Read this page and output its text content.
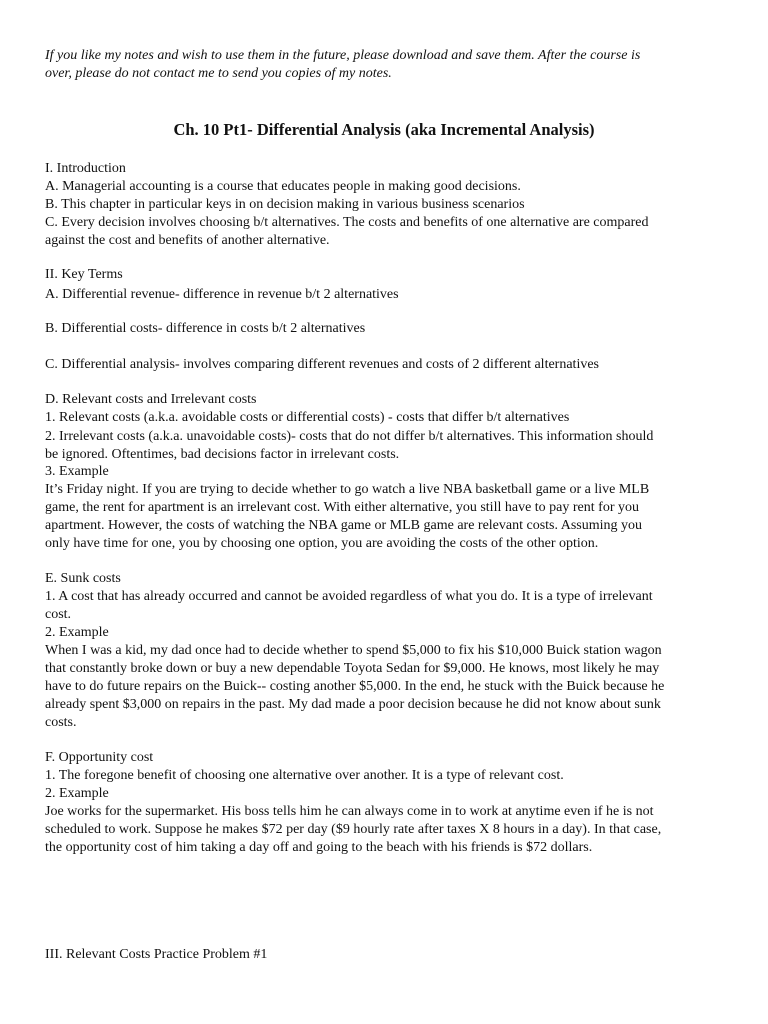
If you like my notes and wish to use them in the future, please download and save them. After the course is
over, please do not contact me to send you copies of my notes.
Ch. 10 Pt1- Differential Analysis (aka Incremental Analysis)
I. Introduction
A. Managerial accounting is a course that educates people in making good decisions.
B. This chapter in particular keys in on decision making in various business scenarios
C. Every decision involves choosing b/t alternatives. The costs and benefits of one alternative are compared
against the cost and benefits of another alternative.
II. Key Terms
A. Differential revenue- difference in revenue b/t 2 alternatives
B. Differential costs- difference in costs b/t 2 alternatives
C. Differential analysis- involves comparing different revenues and costs of 2 different alternatives
D. Relevant costs and Irrelevant costs
1. Relevant costs (a.k.a. avoidable costs or differential costs) - costs that differ b/t alternatives
2. Irrelevant costs (a.k.a. unavoidable costs)- costs that do not differ b/t alternatives. This information should
be ignored. Oftentimes, bad decisions factor in irrelevant costs.
3. Example
It’s Friday night. If you are trying to decide whether to go watch a live NBA basketball game or a live MLB
game, the rent for apartment is an irrelevant cost. With either alternative, you still have to pay rent for you
apartment. However, the costs of watching the NBA game or MLB game are relevant costs. Assuming you
only have time for one, you by choosing one option, you are avoiding the costs of the other option.
E. Sunk costs
1. A cost that has already occurred and cannot be avoided regardless of what you do. It is a type of irrelevant
cost.
2. Example
When I was a kid, my dad once had to decide whether to spend $5,000 to fix his $10,000 Buick station wagon
that constantly broke down or buy a new dependable Toyota Sedan for $9,000. He knows, most likely he may
have to do future repairs on the Buick-- costing another $5,000. In the end, he stuck with the Buick because he
already spent $3,000 on repairs in the past. My dad made a poor decision because he did not know about sunk
costs.
F. Opportunity cost
1. The foregone benefit of choosing one alternative over another. It is a type of relevant cost.
2. Example
Joe works for the supermarket. His boss tells him he can always come in to work at anytime even if he is not
scheduled to work. Suppose he makes $72 per day ($9 hourly rate after taxes X 8 hours in a day). In that case,
the opportunity cost of him taking a day off and going to the beach with his friends is $72 dollars.
III. Relevant Costs Practice Problem #1
